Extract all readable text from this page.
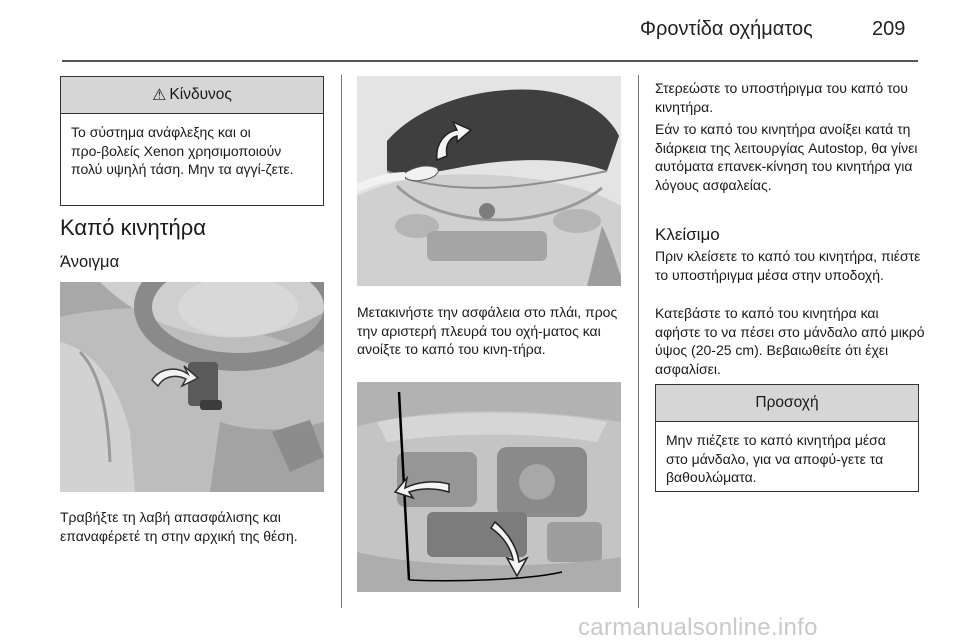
Φροντίδα οχήματος	209
⚠ Κίνδυνος
Το σύστημα ανάφλεξης και οι προ‑βολείς Xenon χρησιμοποιούν πολύ υψηλή τάση. Μην τα αγγί‑ζετε.
Καπό κινητήρα
Άνοιγμα
Τραβήξτε τη λαβή απασφάλισης και επαναφέρετέ τη στην αρχική της θέση.
Μετακινήστε την ασφάλεια στο πλάι, προς την αριστερή πλευρά του οχή‑ματος και ανοίξτε το καπό του κινη‑τήρα.
Στερεώστε το υποστήριγμα του καπό του κινητήρα.
Εάν το καπό του κινητήρα ανοίξει κατά τη διάρκεια της λειτουργίας Autostop, θα γίνει αυτόματα επανεκ‑κίνηση του κινητήρα για λόγους ασφαλείας.
Κλείσιμο
Πριν κλείσετε το καπό του κινητήρα, πιέστε το υποστήριγμα μέσα στην υποδοχή.
Κατεβάστε το καπό του κινητήρα και αφήστε το να πέσει στο μάνδαλο από μικρό ύψος (20-25 cm). Βεβαιωθείτε ότι έχει ασφαλίσει.
Προσοχή
Μην πιέζετε το καπό κινητήρα μέσα στο μάνδαλο, για να αποφύ‑γετε τα βαθουλώματα.
carmanualsonline.info
